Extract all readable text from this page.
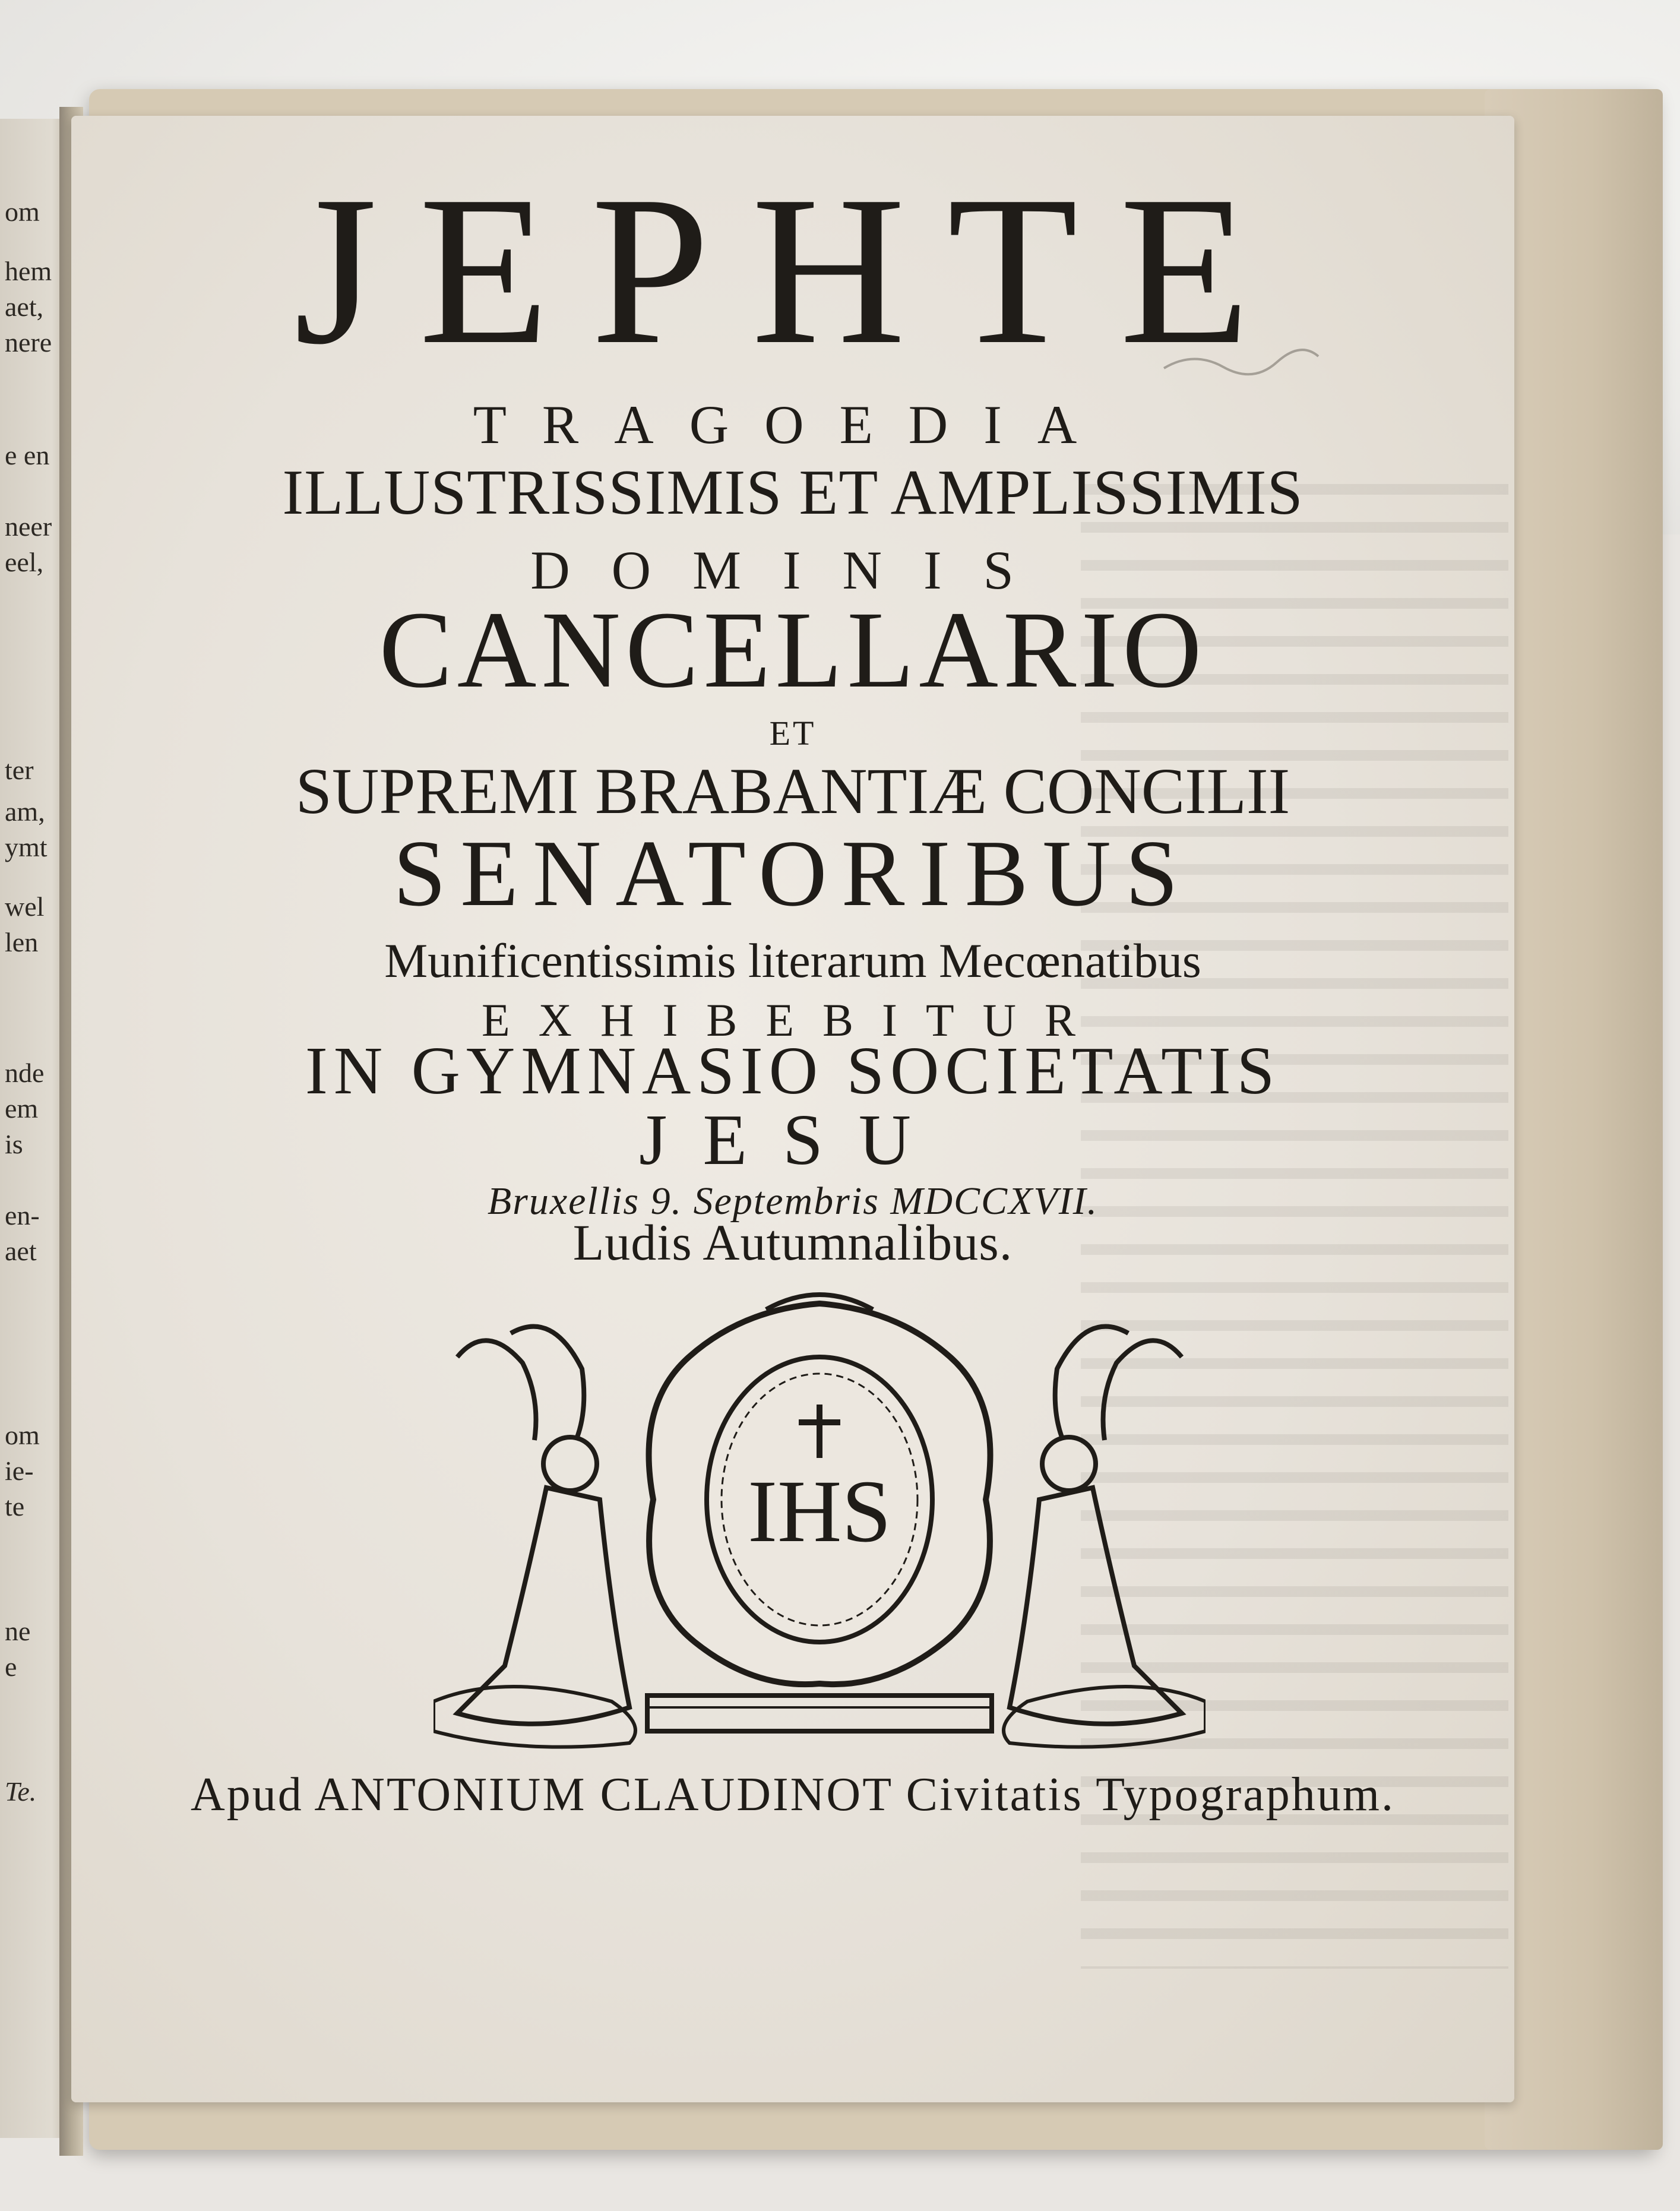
om
hem
aet,
nere
e en
neer
eel,
ter
am,
ymt
wel
len
nde
em
is
en-
aet
om
ie-
te
ne
e
Te.
JEPHTE
TRAGOEDIA
ILLUSTRISSIMIS ET AMPLISSIMIS
DOMINIS
CANCELLARIO
ET
SUPREMI BRABANTIÆ CONCILII
SENATORIBUS
Munificentissimis literarum Mecœnatibus
EXHIBEBITUR
IN GYMNASIO SOCIETATIS
JESU
Bruxellis 9. Septembris MDCCXVII.
Ludis Autumnalibus.
IHS
Apud ANTONIUM CLAUDINOT Civitatis Typographum.
